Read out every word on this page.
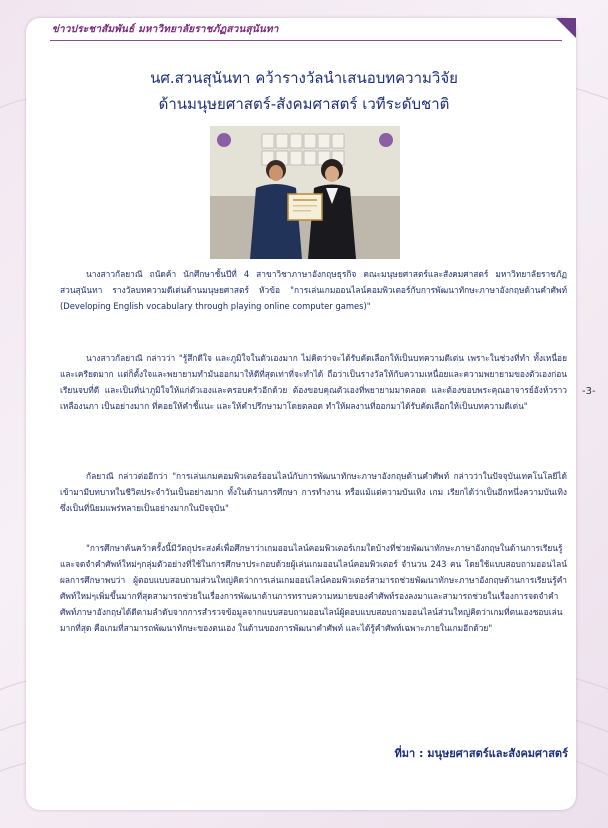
ข่าวประชาสัมพันธ์ มหาวิทยาลัยราชภัฏสวนสุนันทา
นศ.สวนสุนันทา คว้ารางวัลนำเสนอบทความวิจัย
ด้านมนุษยศาสตร์-สังคมศาสตร์ เวทีระดับชาติ

นางสาวกัลยาณี ถนัดค้า นักศึกษาชั้นปีที่ 4 สาขาวิชาภาษาอังกฤษธุรกิจ คณะมนุษยศาสตร์และสังคมศาสตร์ มหาวิทยาลัยราชภัฏสวนสุนันทา รางวัลบทความดีเด่นด้านมนุษยศาสตร์ หัวข้อ "การเล่นเกมออนไลน์คอมพิวเตอร์กับการพัฒนาทักษะภาษาอังกฤษด้านคำศัพท์ (Developing English vocabulary through playing online computer games)"

นางสาวกัลยาณี กล่าวว่า "รู้สึกดีใจ และภูมิใจในตัวเองมาก ไม่คิดว่าจะได้รับคัดเลือกให้เป็นบทความดีเด่น เพราะในช่วงที่ทำ ทั้งเหนื่อยและเครียดมาก แต่ก็ตั้งใจและพยายามทำมันออกมาให้ดีที่สุดเท่าที่จะทำได้ ถือว่าเป็นรางวัลให้กับความเหนื่อยและความพยายามของตัวเองก่อนเรียนจบที่ดี และเป็นที่น่าภูมิใจให้แก่ตัวเองและครอบครัวอีกด้วย ต้องขอบคุณตัวเองที่พยายามมาตลอด และต้องขอบพระคุณอาจารย์อังห์วราว เหลืองนภา เป็นอย่างมาก ที่คอยให้คำชี้แนะ และให้คำปรึกษามาโดยตลอด ทำให้ผลงานที่ออกมาได้รับคัดเลือกให้เป็นบทความดีเด่น"

กัลยาณี กล่าวต่ออีกว่า "การเล่นเกมคอมพิวเตอร์ออนไลน์กับการพัฒนาทักษะภาษาอังกฤษด้านคำศัพท์ กล่าวว่าในปัจจุบันเทคโนโลยีได้เข้ามามีบทบาทในชีวิตประจำวันเป็นอย่างมาก ทั้งในด้านการศึกษา การทำงาน หรือแม้แต่ความบันเทิง เกม เรียกได้ว่าเป็นอีกหนึ่งความบันเทิง ซึ่งเป็นที่นิยมแพร่หลายเป็นอย่างมากในปัจจุบัน"

"การศึกษาค้นคว้าครั้งนี้มีวัตถุประสงค์เพื่อศึกษาว่าเกมออนไลน์คอมพิวเตอร์เกมใดบ้างที่ช่วยพัฒนาทักษะภาษาอังกฤษในด้านการเรียนรู้และจดจำคำศัพท์ใหม่ๆกลุ่มตัวอย่างที่ใช้ในการศึกษาประกอบด้วยผู้เล่นเกมออนไลน์คอมพิวเตอร์ จำนวน 243 คน โดยใช้แบบสอบถามออนไลน์ ผลการศึกษาพบว่า ผู้ตอบแบบสอบถามส่วนใหญ่คิดว่าการเล่นเกมออนไลน์คอมพิวเตอร์สามารถช่วยพัฒนาทักษะภาษาอังกฤษด้านการเรียนรู้คำศัพท์ใหม่ๆเพิ่มขึ้นมากที่สุดสามารถช่วยในเรื่องการพัฒนาด้านการทราบความหมายของคำศัพท์รองลงมาและสามารถช่วยในเรื่องการจดจำคำศัพท์ภาษาอังกฤษได้ดีตามลำดับจากการสำรวจข้อมูลจากแบบสอบถามออนไลน์ผู้ตอบแบบสอบถามออนไลน์ส่วนใหญ่คิดว่าเกมที่ตนเองชอบเล่นมากที่สุด คือเกมที่สามารถพัฒนาทักษะของตนเอง ในด้านของการพัฒนาคำศัพท์ และได้รู้คำศัพท์เฉพาะภายในเกมอีกด้วย"

-3-
ที่มา : มนุษยศาสตร์และสังคมศาสตร์
